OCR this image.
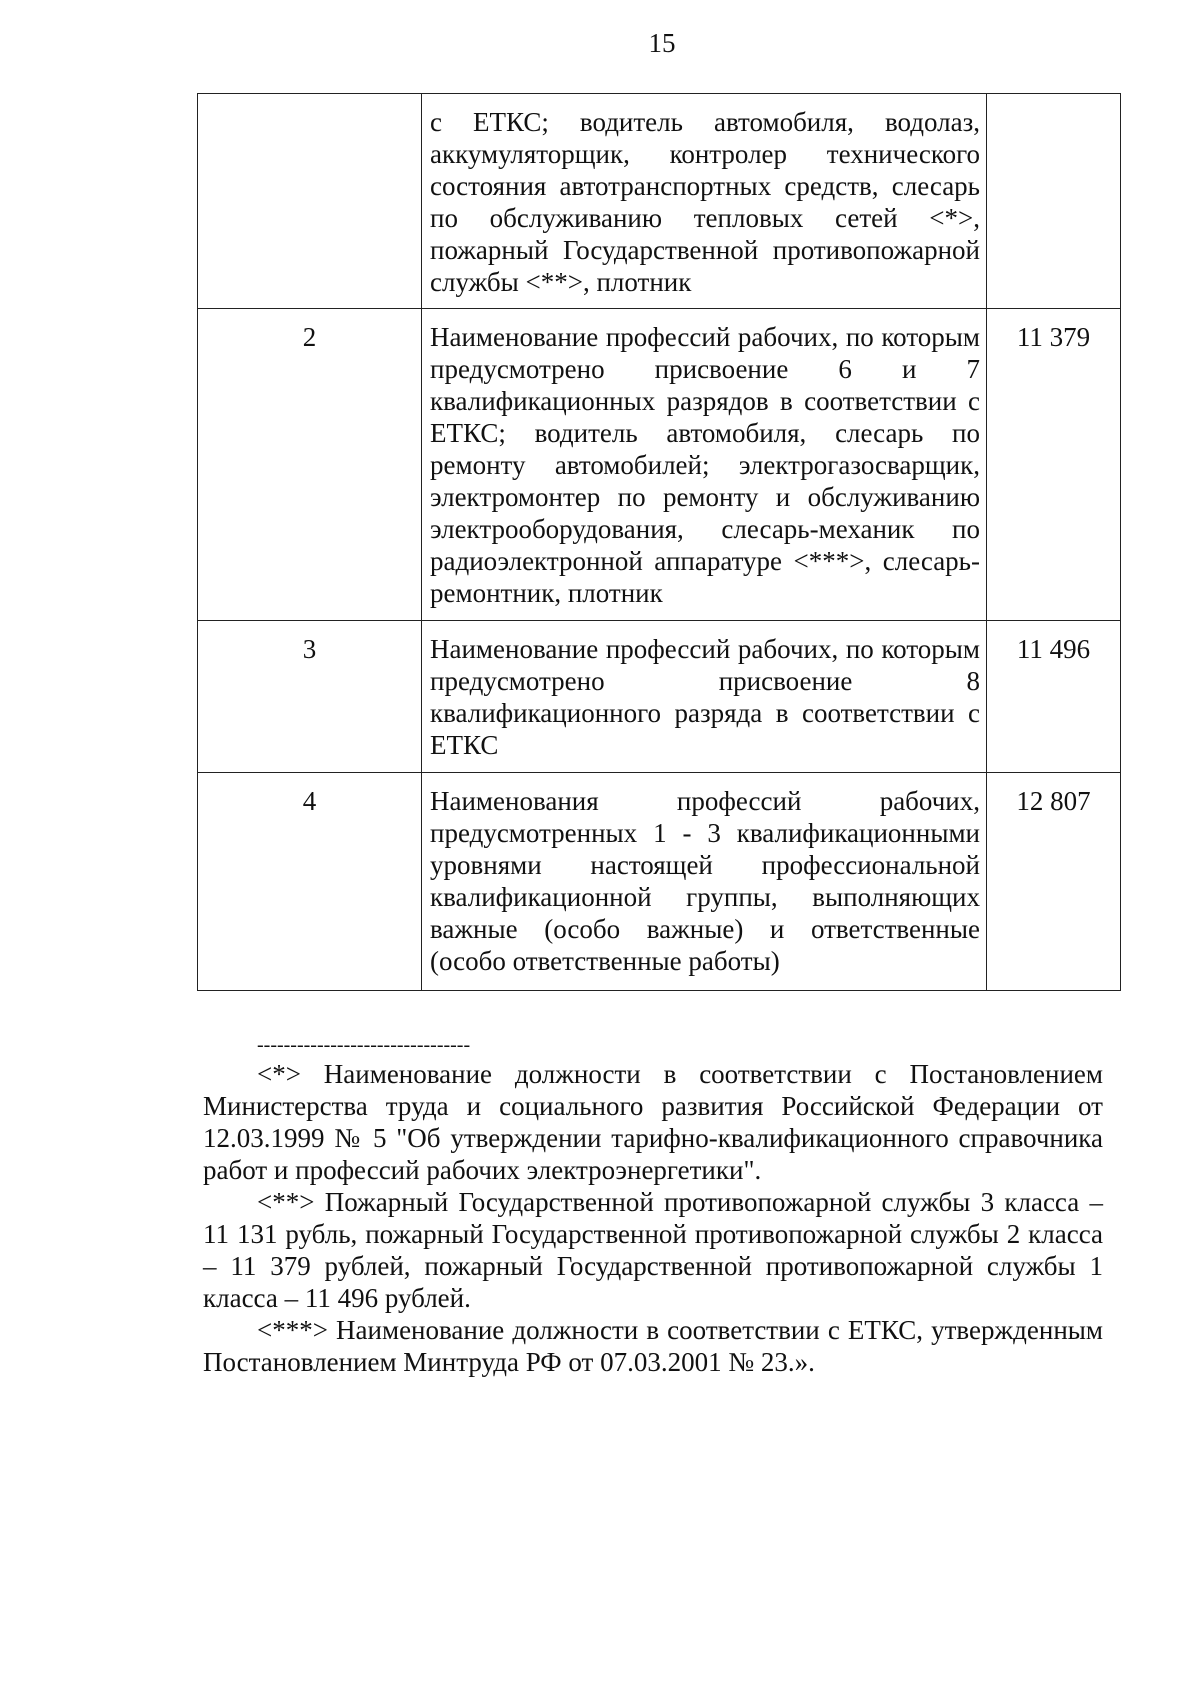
15

	с ЕТКС; водитель автомобиля, водолаз, аккумуляторщик, контролер технического состояния автотранспортных средств, слесарь по обслуживанию тепловых сетей <*>, пожарный Государственной противопожарной службы <**>, плотник	

2	Наименование профессий рабочих, по которым предусмотрено присвоение 6 и 7 квалификационных разрядов в соответствии с ЕТКС; водитель автомобиля, слесарь по ремонту автомобилей; электрогазосварщик, электромонтер по ремонту и обслуживанию электрооборудования, слесарь-механик по радиоэлектронной аппаратуре <***>, слесарь-ремонтник, плотник	11 379
3	Наименование профессий рабочих, по которым предусмотрено присвоение 8 квалификационного разряда в соответствии с ЕТКС	11 496
4	Наименования профессий рабочих, предусмотренных 1 - 3 квалификационными уровнями настоящей профессиональной квалификационной группы, выполняющих важные (особо важные) и ответственные (особо ответственные работы)	12 807
--------------------------------

<*> Наименование должности в соответствии с Постановлением Министерства труда и социального развития Российской Федерации от 12.03.1999 № 5 "Об утверждении тарифно-квалификационного справочника работ и профессий рабочих электроэнергетики".

<**> Пожарный Государственной противопожарной службы 3 класса – 11 131 рубль, пожарный Государственной противопожарной службы 2 класса – 11 379 рублей, пожарный Государственной противопожарной службы 1 класса – 11 496 рублей.

<***> Наименование должности в соответствии с ЕТКС, утвержденным Постановлением Минтруда РФ от 07.03.2001 № 23.».
